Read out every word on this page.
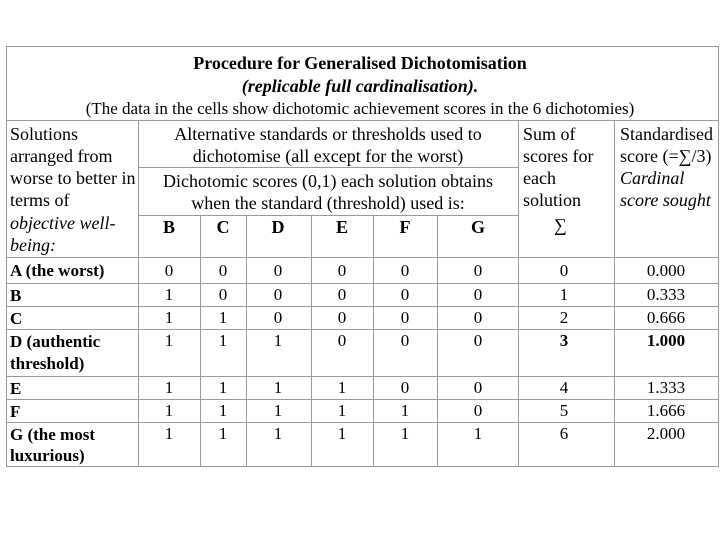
Procedure for Generalised Dichotomisation
(replicable full cardinalisation).
(The data in the cells show dichotomic achievement scores in the 6 dichotomies)
Solutions
arranged from
worse to better in
terms of
objective well-
being:
Alternative standards or thresholds used to
dichotomise (all except for the worst)
Dichotomic scores (0,1) each solution obtains
when the standard (threshold) used is:
Sum of
scores for
each
solution
∑
Standardised
score (=∑/3)
Cardinal
score sought
B C D	E	F	G
A (the worst)	0	0	0	0	0	0	0	0.000
B	1	0	0	0	0	0	1	0.333
C	1	1	0	0	0	0	2	0.666
D (authentic
threshold)
1	1	1	0	0	0	3	1.000
E	1	1	1	1	0	0	4	1.333
F	1	1	1	1	1	0	5	1.666
G (the most
luxurious)
1	1	1	1	1	1	6	2.000
